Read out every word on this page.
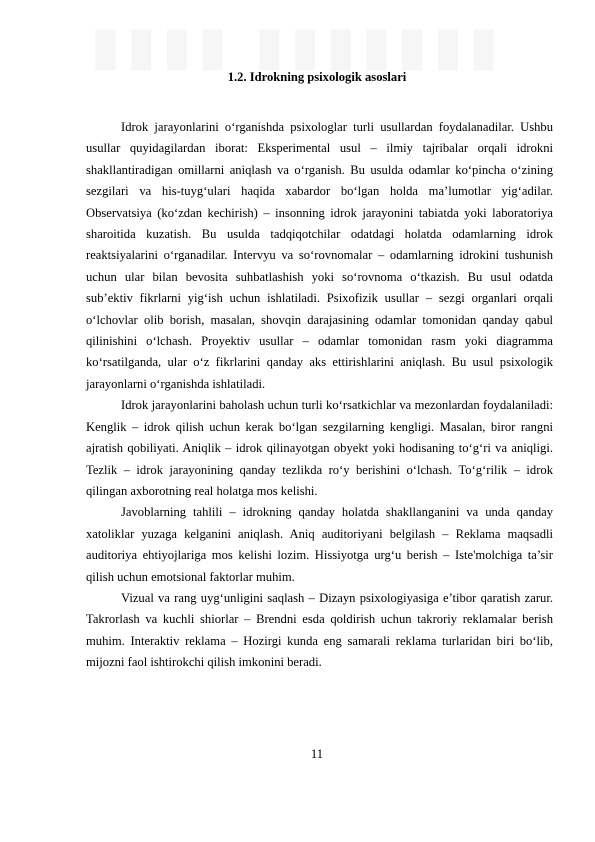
1.2. Idrokning psixologik asoslari

Idrok jarayonlarini o‘rganishda psixologlar turli usullardan foydalanadilar. Ushbu usullar quyidagilardan iborat: Eksperimental usul – ilmiy tajribalar orqali idrokni shakllantiradigan omillarni aniqlash va o‘rganish. Bu usulda odamlar ko‘pincha o‘zining sezgilari va his-tuyg‘ulari haqida xabardor bo‘lgan holda ma’lumotlar yig‘adilar. Observatsiya (ko‘zdan kechirish) – insonning idrok jarayonini tabiatda yoki laboratoriya sharoitida kuzatish. Bu usulda tadqiqotchilar odatdagi holatda odamlarning idrok reaktsiyalarini o‘rganadilar. Intervyu va so‘rovnomalar – odamlarning idrokini tushunish uchun ular bilan bevosita suhbatlashish yoki so‘rovnoma o‘tkazish. Bu usul odatda sub’ektiv fikrlarni yig‘ish uchun ishlatiladi. Psixofizik usullar – sezgi organlari orqali o‘lchovlar olib borish, masalan, shovqin darajasining odamlar tomonidan qanday qabul qilinishini o‘lchash. Proyektiv usullar – odamlar tomonidan rasm yoki diagramma ko‘rsatilganda, ular o‘z fikrlarini qanday aks ettirishlarini aniqlash. Bu usul psixologik jarayonlarni o‘rganishda ishlatiladi.

Idrok jarayonlarini baholash uchun turli ko‘rsatkichlar va mezonlardan foydalaniladi: Kenglik – idrok qilish uchun kerak bo‘lgan sezgilarning kengligi. Masalan, biror rangni ajratish qobiliyati. Aniqlik – idrok qilinayotgan obyekt yoki hodisaning to‘g‘ri va aniqligi. Tezlik – idrok jarayonining qanday tezlikda ro‘y berishini o‘lchash. To‘g‘rilik – idrok qilingan axborotning real holatga mos kelishi.

Javoblarning tahlili – idrokning qanday holatda shakllanganini va unda qanday xatoliklar yuzaga kelganini aniqlash. Aniq auditoriyani belgilash – Reklama maqsadli auditoriya ehtiyojlariga mos kelishi lozim. Hissiyotga urg‘u berish – Iste'molchiga ta’sir qilish uchun emotsional faktorlar muhim.

Vizual va rang uyg‘unligini saqlash – Dizayn psixologiyasiga e’tibor qaratish zarur. Takrorlash va kuchli shiorlar – Brendni esda qoldirish uchun takroriy reklamalar berish muhim. Interaktiv reklama – Hozirgi kunda eng samarali reklama turlaridan biri bo‘lib, mijozni faol ishtirokchi qilish imkonini beradi.

11
